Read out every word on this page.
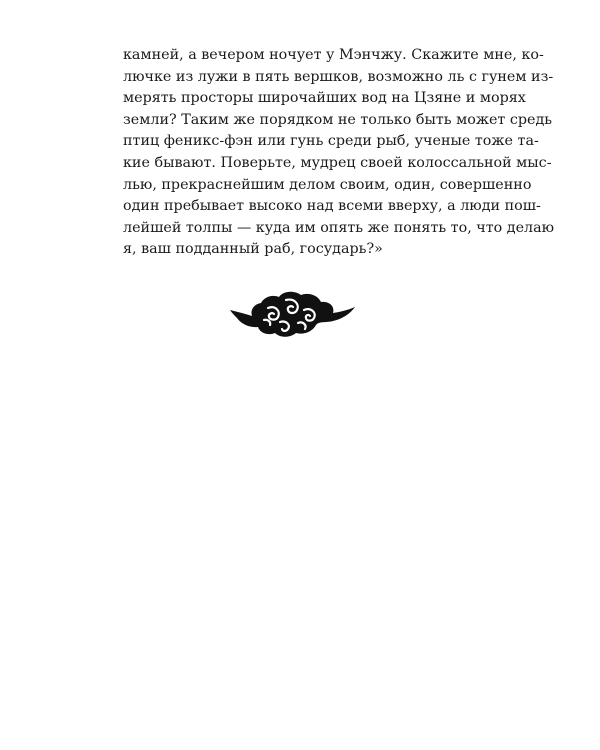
камней, а вечером ночует у Мэнчжу. Скажите мне, ко-
лючке из лужи в пять вершков, возможно ль с гунем из-
мерять просторы широчайших вод на Цзяне и морях
земли? Таким же порядком не только быть может средь
птиц феникс-фэн или гунь среди рыб, ученые тоже та-
кие бывают. Поверьте, мудрец своей колоссальной мыс-
лью, прекраснейшим делом своим, один, совершенно
один пребывает высоко над всеми вверху, а люди пош-
лейшей толпы — куда им опять же понять то, что делаю
я, ваш подданный раб, государь?»
